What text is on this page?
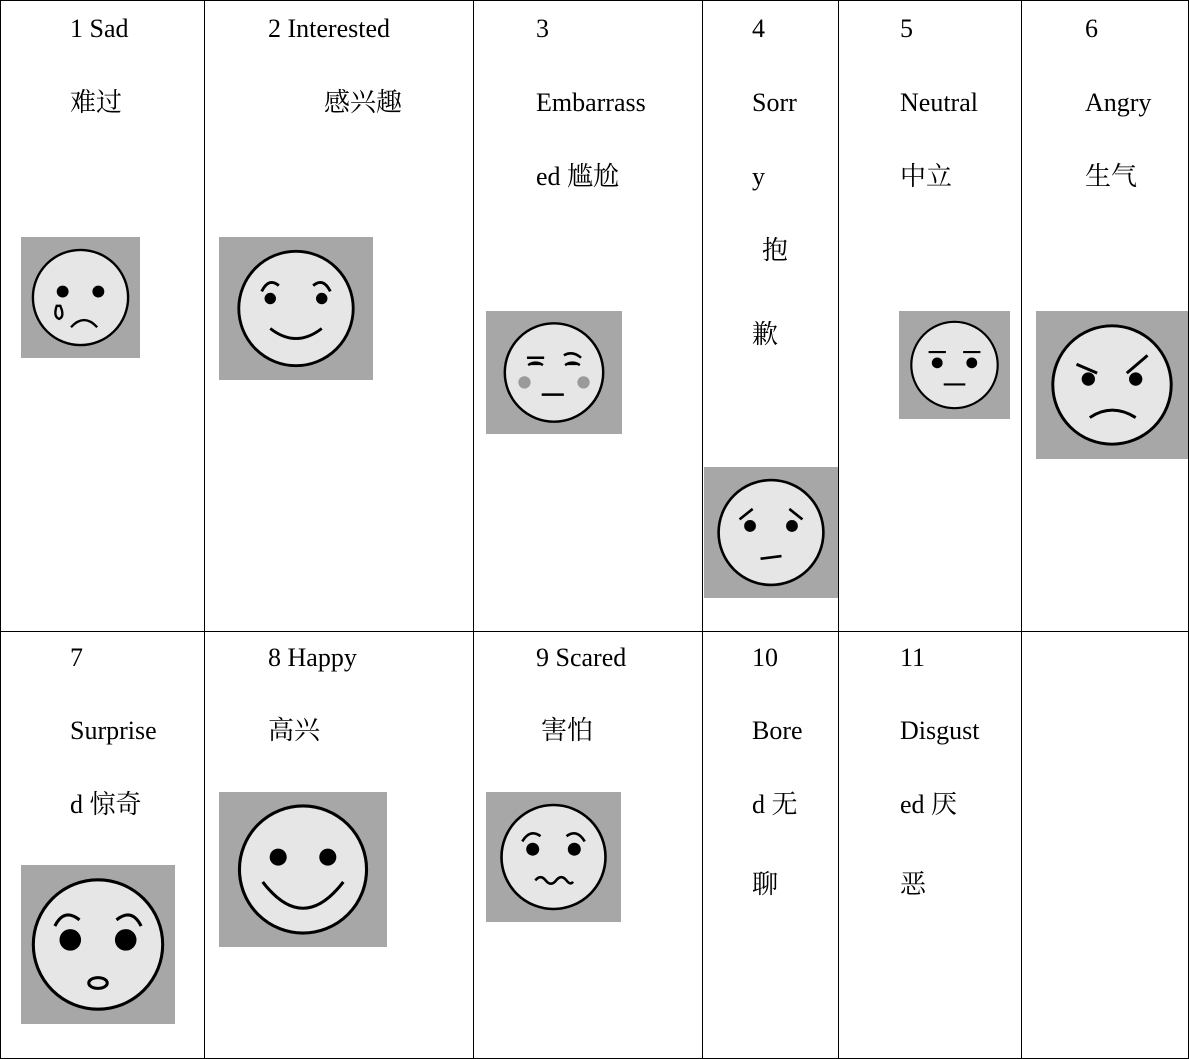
1 Sad
难过
2 Interested
感兴趣
3
Embarrass
ed 尴尬
4
Sorr
y
抱
歉
5
Neutral
中立
6
Angry
生气
7
Surprise
d 惊奇
8 Happy
高兴
9 Scared
害怕
10
Bore
d 无
聊
11
Disgust
ed 厌
恶
